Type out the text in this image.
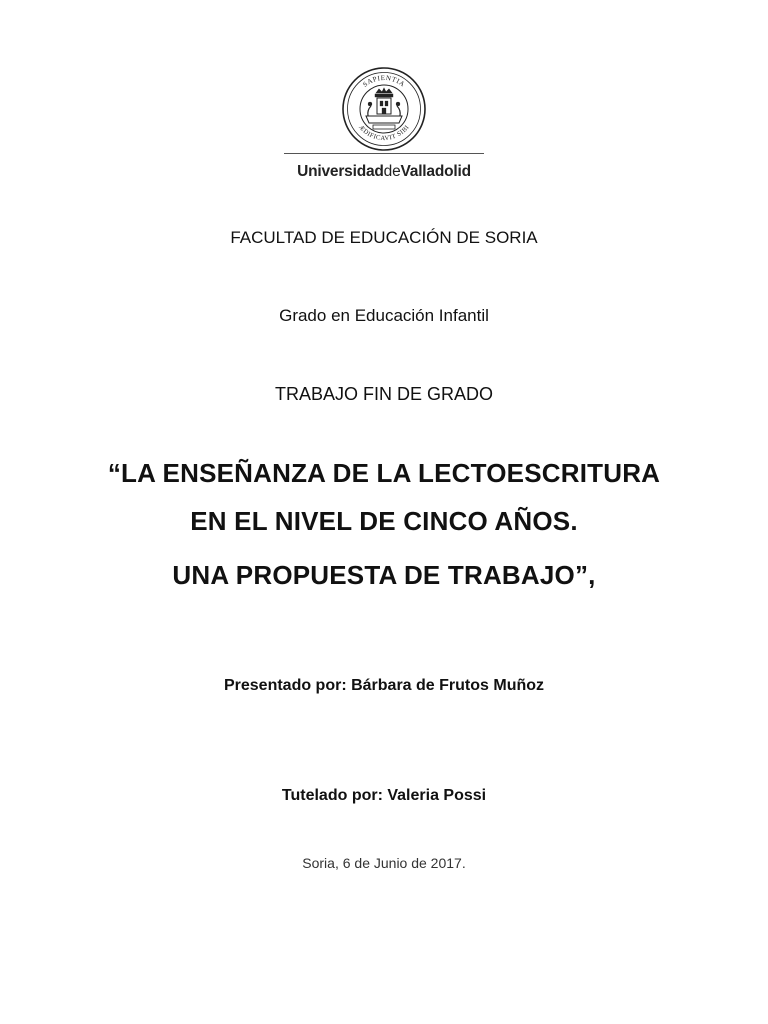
SAPIENTIA
ÆDIFICAVIT SIBI
UniversidaddeValladolid
FACULTAD DE EDUCACIÓN DE SORIA
Grado en Educación Infantil
TRABAJO FIN DE GRADO
“LA ENSEÑANZA DE LA LECTOESCRITURA
EN EL NIVEL DE CINCO AÑOS.
UNA PROPUESTA DE TRABAJO”,
Presentado por: Bárbara de Frutos Muñoz
Tutelado por: Valeria Possi
Soria, 6 de Junio de 2017.
